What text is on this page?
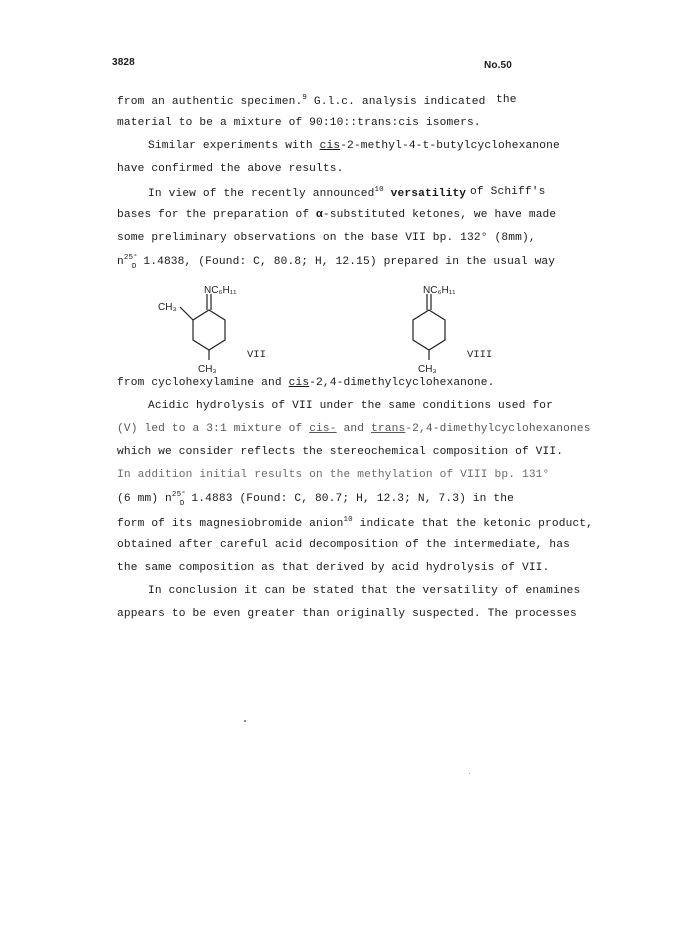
3828	No.50
from an authentic specimen.$^9$ G.l.c. analysis indicated the
material to be a mixture of 90:10::trans:cis isomers.
Similar experiments with cis-2-methyl-4-t-butylcyclohexanone
have confirmed the above results.
In view of the recently announced$^{10}$ versatility of Schiff's
bases for the preparation of α-substituted ketones, we have made
some preliminary observations on the base VII bp. 132° (8mm),
$n^{25^\circ}_D$ 1.4838, (Found: C, 80.8; H, 12.15) prepared in the usual way
NC₆H₁₁
CH₃
CH₃
VII
NC₆H₁₁
CH₃
VIII
from cyclohexylamine and cis-2,4-dimethylcyclohexanone.
Acidic hydrolysis of VII under the same conditions used for
(V) led to a 3:1 mixture of cis- and trans-2,4-dimethylcyclohexanones
which we consider reflects the stereochemical composition of VII.
In addition initial results on the methylation of VIII bp. 131°
(6 mm) $n^{25^\circ}_D$ 1.4883 (Found: C, 80.7; H, 12.3; N, 7.3) in the
form of its magnesiobromide anion$^{10}$ indicate that the ketonic product,
obtained after careful acid decomposition of the intermediate, has
the same composition as that derived by acid hydrolysis of VII.
In conclusion it can be stated that the versatility of enamines
appears to be even greater than originally suspected. The processes
